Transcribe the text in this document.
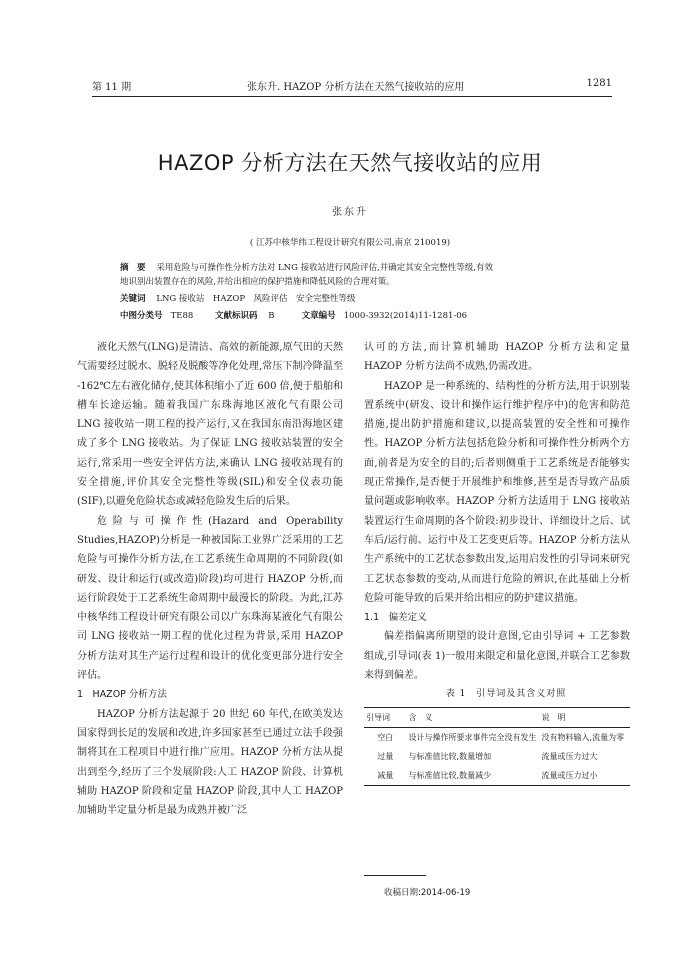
第 11 期	张东升. HAZOP 分析方法在天然气接收站的应用	1281
HAZOP 分析方法在天然气接收站的应用
张东升
( 江苏中核华纬工程设计研究有限公司,南京 210019)
摘　要 采用危险与可操作性分析方法对 LNG 接收站进行风险评估,并确定其安全完整性等级,有效
地识别出装置存在的风险,并给出相应的保护措施和降低风险的合理对策。
关键词 LNG 接收站　HAZOP　风险评估　安全完整性等级
中图分类号 TE88	文献标识码 B	文章编号 1000-3932(2014)11-1281-06

液化天然气(LNG)是清洁、高效的新能源,原气田的天然气需要经过脱水、脱轻及脱酸等净化处理,常压下制冷降温至 -162℃左右液化储存,使其体积缩小了近 600 倍,便于船舶和槽车长途运输。随着我国广东珠海地区液化气有限公司 LNG 接收站一期工程的投产运行,又在我国东南沿海地区建成了多个 LNG 接收站。为了保证 LNG 接收站装置的安全运行,常采用一些安全评估方法,来确认 LNG 接收站现有的安全措施,评价其安全完整性等级(SIL)和安全仪表功能(SIF),以避免危险状态或减轻危险发生后的后果。

危险与可操作性(Hazard and Operability Studies,HAZOP)分析是一种被国际工业界广泛采用的工艺危险与可操作分析方法,在工艺系统生命周期的不同阶段(如研发、设计和运行(或改造)阶段)均可进行 HAZOP 分析,而运行阶段处于工艺系统生命周期中最漫长的阶段。为此,江苏中核华纬工程设计研究有限公司以广东珠海某液化气有限公司 LNG 接收站一期工程的优化过程为背景,采用 HAZOP 分析方法对其生产运行过程和设计的优化变更部分进行安全评估。

1　HAZOP 分析方法

HAZOP 分析方法起源于 20 世纪 60 年代,在欧美发达国家得到长足的发展和改进,许多国家甚至已通过立法手段强制将其在工程项目中进行推广应用。HAZOP 分析方法从提出到至今,经历了三个发展阶段:人工 HAZOP 阶段、计算机辅助 HAZOP 阶段和定量 HAZOP 阶段,其中人工 HAZOP 加辅助半定量分析是最为成熟并被广泛

认可的方法,而计算机辅助 HAZOP 分析方法和定量 HAZOP 分析方法尚不成熟,仍需改进。

HAZOP 是一种系统的、结构性的分析方法,用于识别装置系统中(研发、设计和操作运行维护程序中)的危害和防范措施,提出防护措施和建议,以提高装置的安全性和可操作性。HAZOP 分析方法包括危险分析和可操作性分析两个方面,前者是为安全的目的;后者则侧重于工艺系统是否能够实现正常操作,是否便于开展维护和维修,甚至是否导致产品质量问题或影响收率。HAZOP 分析方法适用于 LNG 接收站装置运行生命周期的各个阶段:初步设计、详细设计之后、试车后/运行前、运行中及工艺变更后等。HAZOP 分析方法从生产系统中的工艺状态参数出发,运用启发性的引导词来研究工艺状态参数的变动,从而进行危险的辨识,在此基础上分析危险可能导致的后果并给出相应的防护建议措施。

1.1　偏差定义

偏差指偏离所期望的设计意图,它由引导词 + 工艺参数组成,引导词(表 1)一般用来限定和量化意图,并联合工艺参数来得到偏差。

表 1　引导词及其含义对照

引导词	含　义	说　明
空白	设计与操作所要求事件完全没有发生	没有物料输入,流量为零
过量	与标准值比较,数量增加	流量或压力过大
减量	与标准值比较,数量减少	流量或压力过小
收稿日期:2014-06-19
